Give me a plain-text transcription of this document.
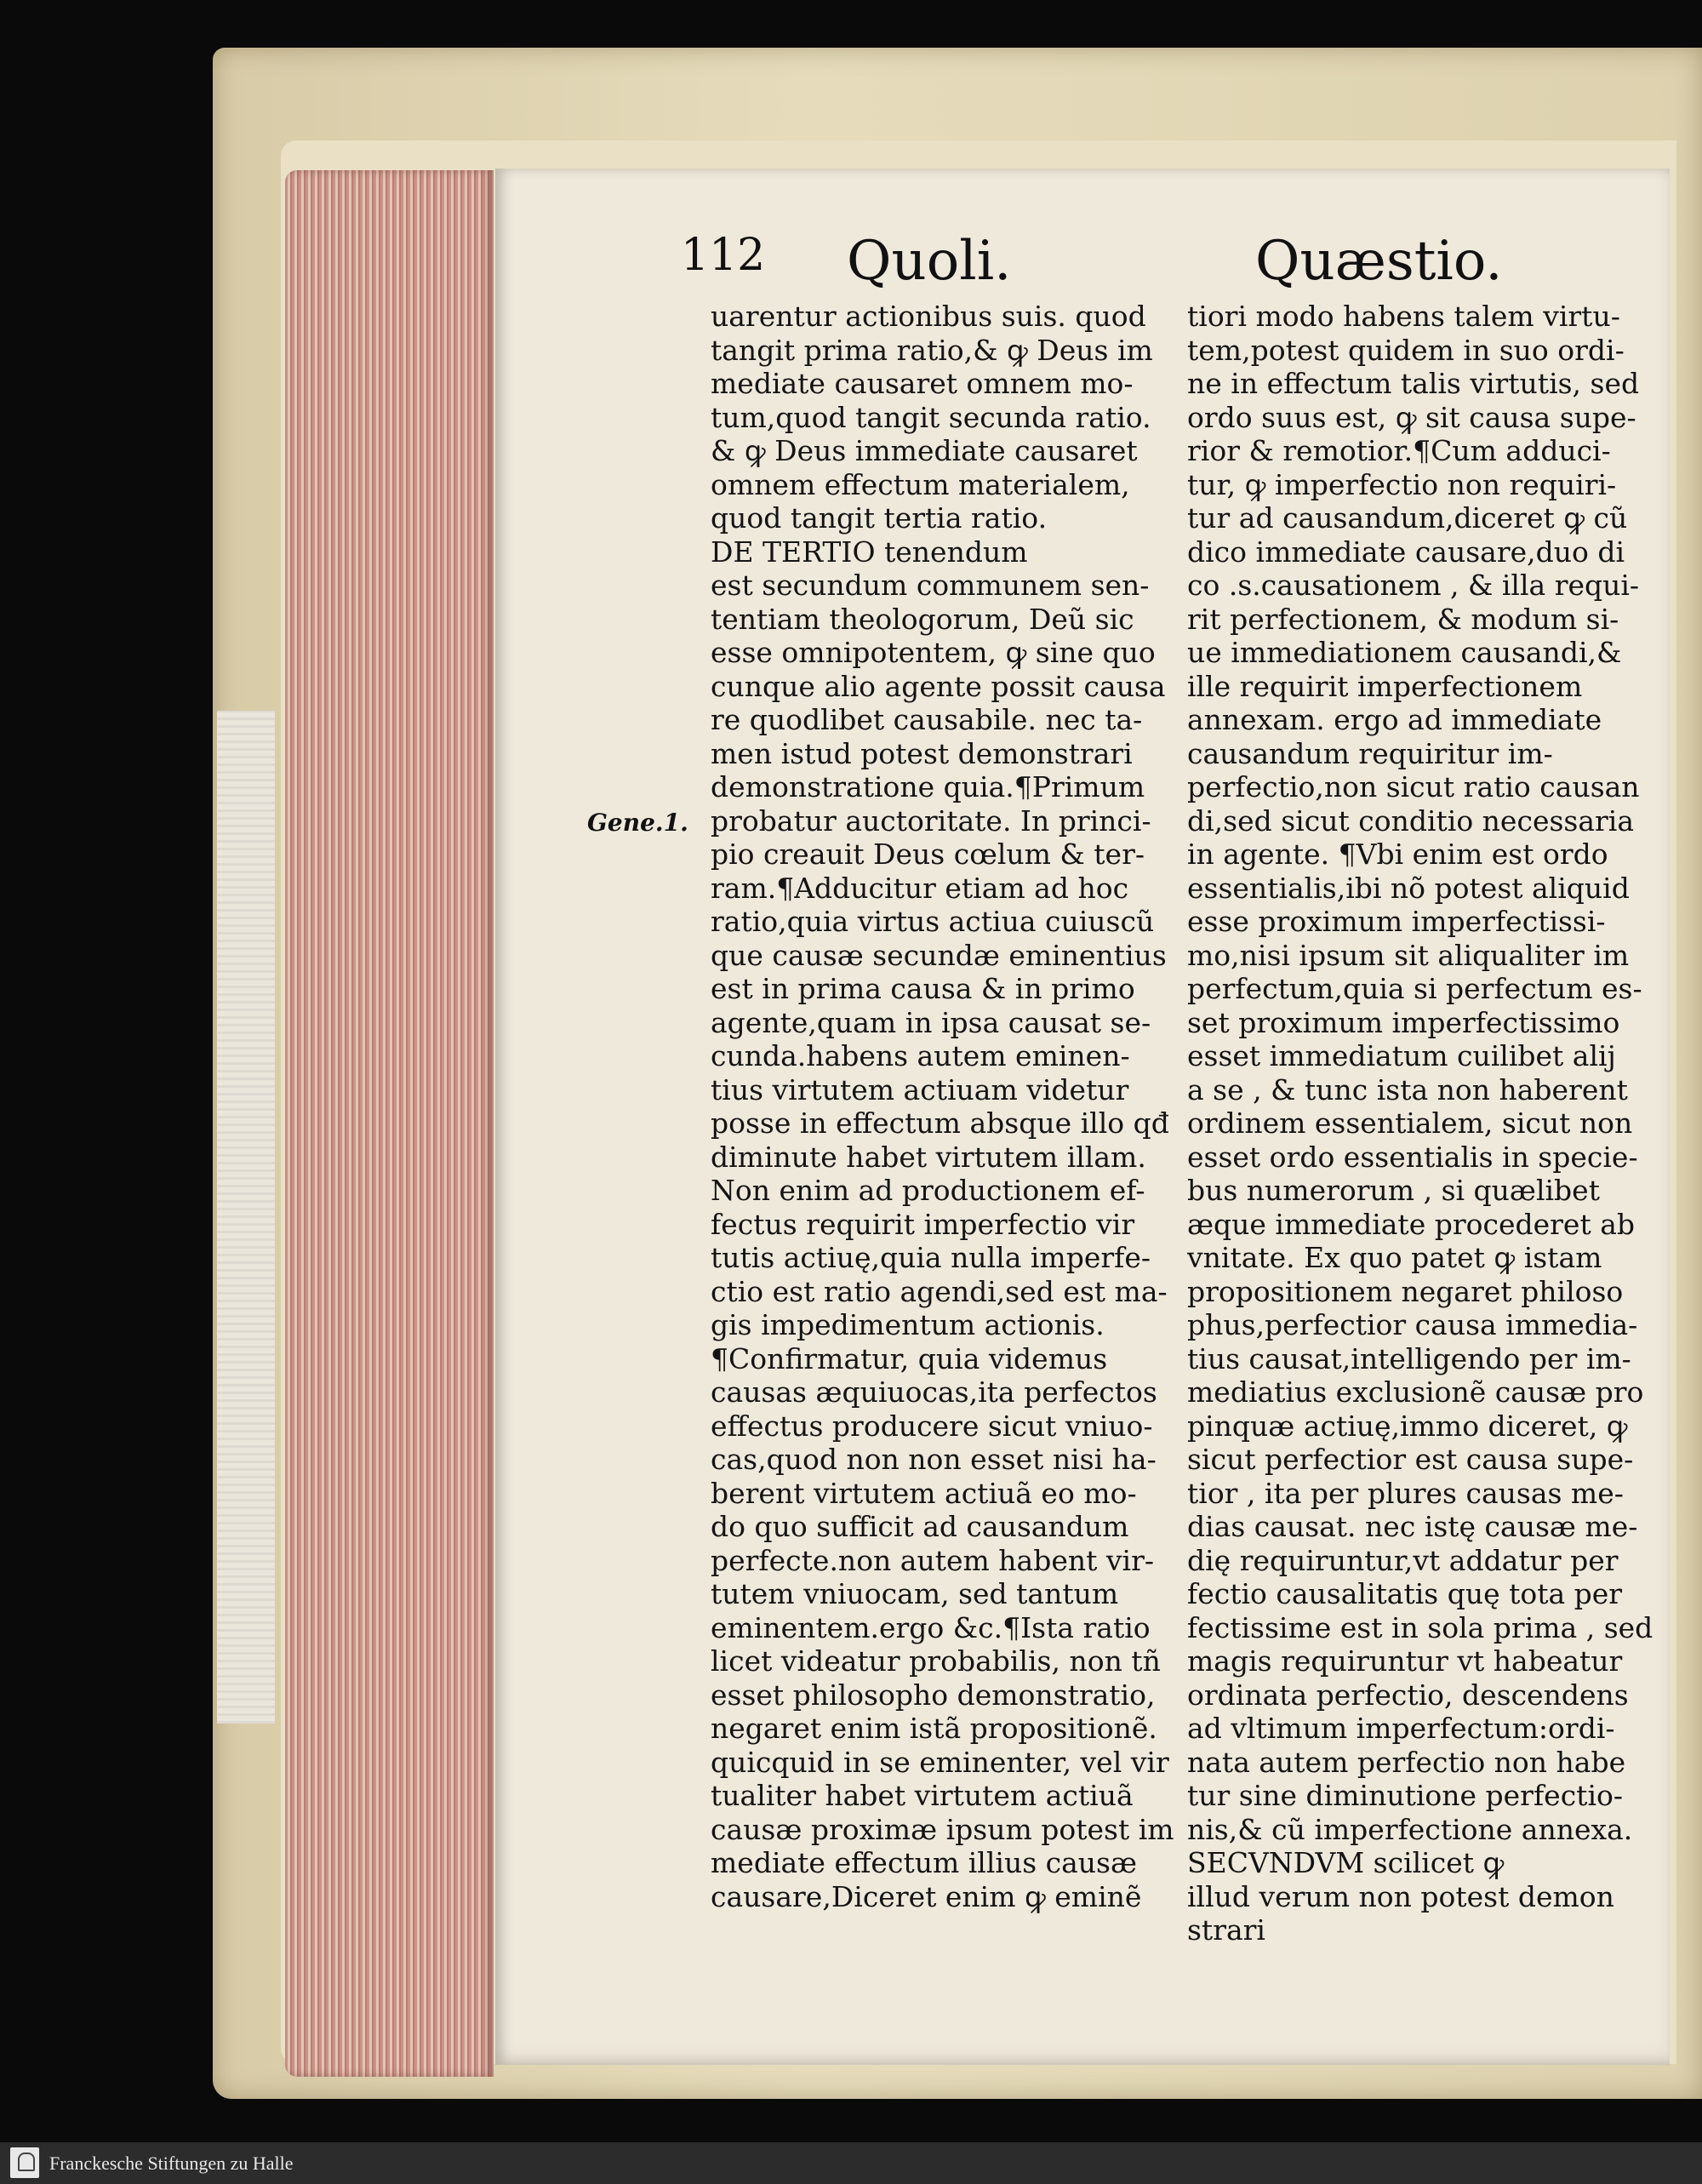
112 Quoli.	Quæstio.
Gene.1.
uarentur actionibus suis. quod
tangit prima ratio,& ꝙ Deus im
mediate causaret omnem mo-
tum,quod tangit secunda ratio.
& ꝙ Deus immediate causaret
omnem effectum materialem,
quod tangit tertia ratio.
DE TERTIO tenendum
est secundum communem sen-
tentiam theologorum, Deũ sic
esse omnipotentem, ꝙ sine quo
cunque alio agente possit causa
re quodlibet causabile. nec ta-
men istud potest demonstrari
demonstratione quia.¶Primum
probatur auctoritate. In princi-
pio creauit Deus cœlum & ter-
ram.¶Adducitur etiam ad hoc
ratio,quia virtus actiua cuiuscũ
que causæ secundæ eminentius
est in prima causa & in primo
agente,quam in ipsa causat se-
cunda.habens autem eminen-
tius virtutem actiuam videtur
posse in effectum absque illo qđ
diminute habet virtutem illam.
Non enim ad productionem ef-
fectus requirit imperfectio vir
tutis actiuę,quia nulla imperfe-
ctio est ratio agendi,sed est ma-
gis impedimentum actionis.
¶Confirmatur, quia videmus
causas æquiuocas,ita perfectos
effectus producere sicut vniuo-
cas,quod non non esset nisi ha-
berent virtutem actiuã eo mo-
do quo sufficit ad causandum
perfecte.non autem habent vir-
tutem vniuocam, sed tantum
eminentem.ergo &c.¶Ista ratio
licet videatur probabilis, non tñ
esset philosopho demonstratio,
negaret enim istã propositionẽ.
quicquid in se eminenter, vel vir
tualiter habet virtutem actiuã
causæ proximæ ipsum potest im
mediate effectum illius causæ
causare,Diceret enim ꝙ eminẽ
tiori modo habens talem virtu-
tem,potest quidem in suo ordi-
ne in effectum talis virtutis, sed
ordo suus est, ꝙ sit causa supe-
rior & remotior.¶Cum adduci-
tur, ꝙ imperfectio non requiri-
tur ad causandum,diceret ꝙ cũ
dico immediate causare,duo di
co .s.causationem , & illa requi-
rit perfectionem, & modum si-
ue immediationem causandi,&
ille requirit imperfectionem
annexam. ergo ad immediate
causandum requiritur im-
perfectio,non sicut ratio causan
di,sed sicut conditio necessaria
in agente. ¶Vbi enim est ordo
essentialis,ibi nõ potest aliquid
esse proximum imperfectissi-
mo,nisi ipsum sit aliqualiter im
perfectum,quia si perfectum es-
set proximum imperfectissimo
esset immediatum cuilibet alij
a se , & tunc ista non haberent
ordinem essentialem, sicut non
esset ordo essentialis in specie-
bus numerorum , si quælibet
æque immediate procederet ab
vnitate. Ex quo patet ꝙ istam
propositionem negaret philoso
phus,perfectior causa immedia-
tius causat,intelligendo per im-
mediatius exclusionẽ causæ pro
pinquæ actiuę,immo diceret, ꝙ
sicut perfectior est causa supe-
tior , ita per plures causas me-
dias causat. nec istę causæ me-
dię requiruntur,vt addatur per
fectio causalitatis quę tota per
fectissime est in sola prima , sed
magis requiruntur vt habeatur
ordinata perfectio, descendens
ad vltimum imperfectum:ordi-
nata autem perfectio non habe
tur sine diminutione perfectio-
nis,& cũ imperfectione annexa.
SECVNDVM scilicet ꝙ
illud verum non potest demon
strari
Franckesche Stiftungen zu Halle
